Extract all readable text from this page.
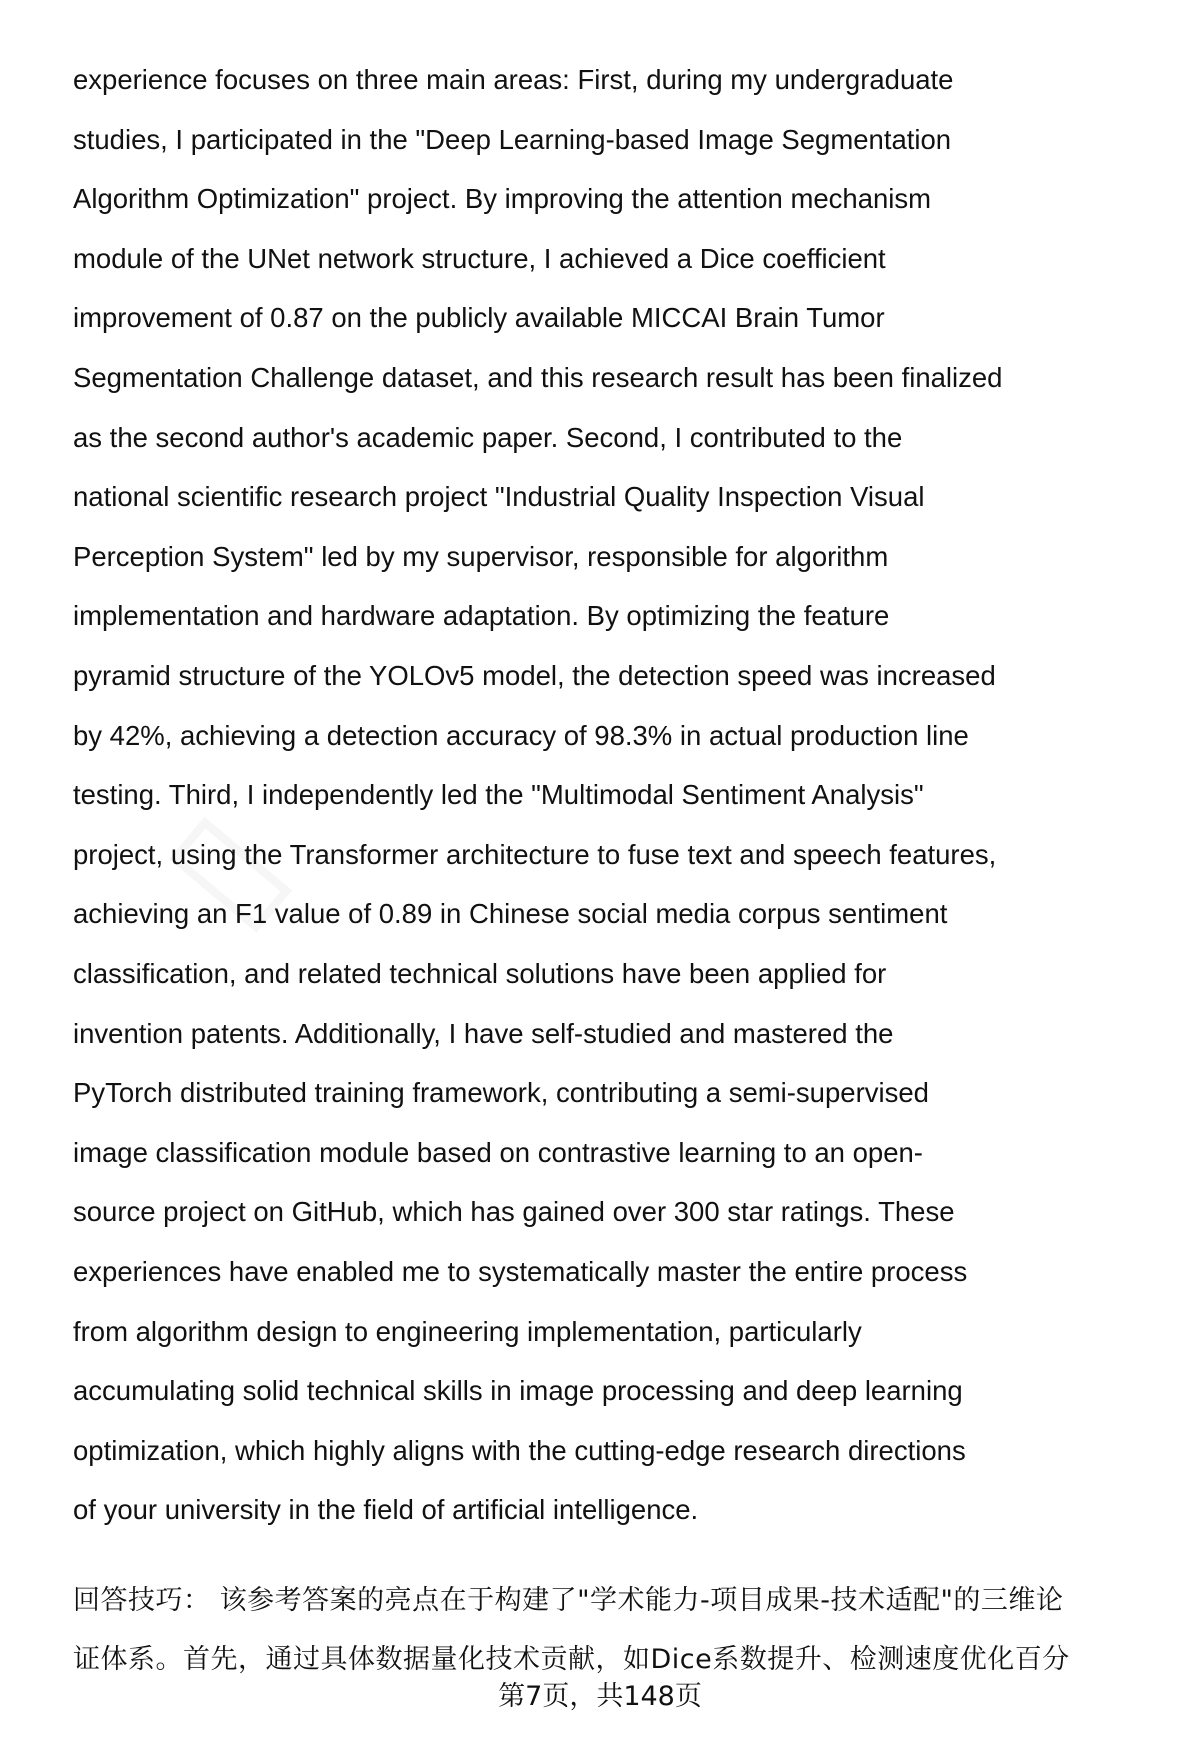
experience focuses on three main areas: First, during my undergraduate
studies, I participated in the "Deep Learning-based Image Segmentation
Algorithm Optimization" project. By improving the attention mechanism
module of the UNet network structure, I achieved a Dice coefficient
improvement of 0.87 on the publicly available MICCAI Brain Tumor
Segmentation Challenge dataset, and this research result has been finalized
as the second author's academic paper. Second, I contributed to the
national scientific research project "Industrial Quality Inspection Visual
Perception System" led by my supervisor, responsible for algorithm
implementation and hardware adaptation. By optimizing the feature
pyramid structure of the YOLOv5 model, the detection speed was increased
by 42%, achieving a detection accuracy of 98.3% in actual production line
testing. Third, I independently led the "Multimodal Sentiment Analysis"
project, using the Transformer architecture to fuse text and speech features,
achieving an F1 value of 0.89 in Chinese social media corpus sentiment
classification, and related technical solutions have been applied for
invention patents. Additionally, I have self-studied and mastered the
PyTorch distributed training framework, contributing a semi-supervised
image classification module based on contrastive learning to an open-
source project on GitHub, which has gained over 300 star ratings. These
experiences have enabled me to systematically master the entire process
from algorithm design to engineering implementation, particularly
accumulating solid technical skills in image processing and deep learning
optimization, which highly aligns with the cutting-edge research directions
of your university in the field of artificial intelligence.
回答技巧： 该参考答案的亮点在于构建了"学术能力-项目成果-技术适配"的三维论
证体系。首先，通过具体数据量化技术贡献，如Dice系数提升、检测速度优化百分
第7页，共148页
